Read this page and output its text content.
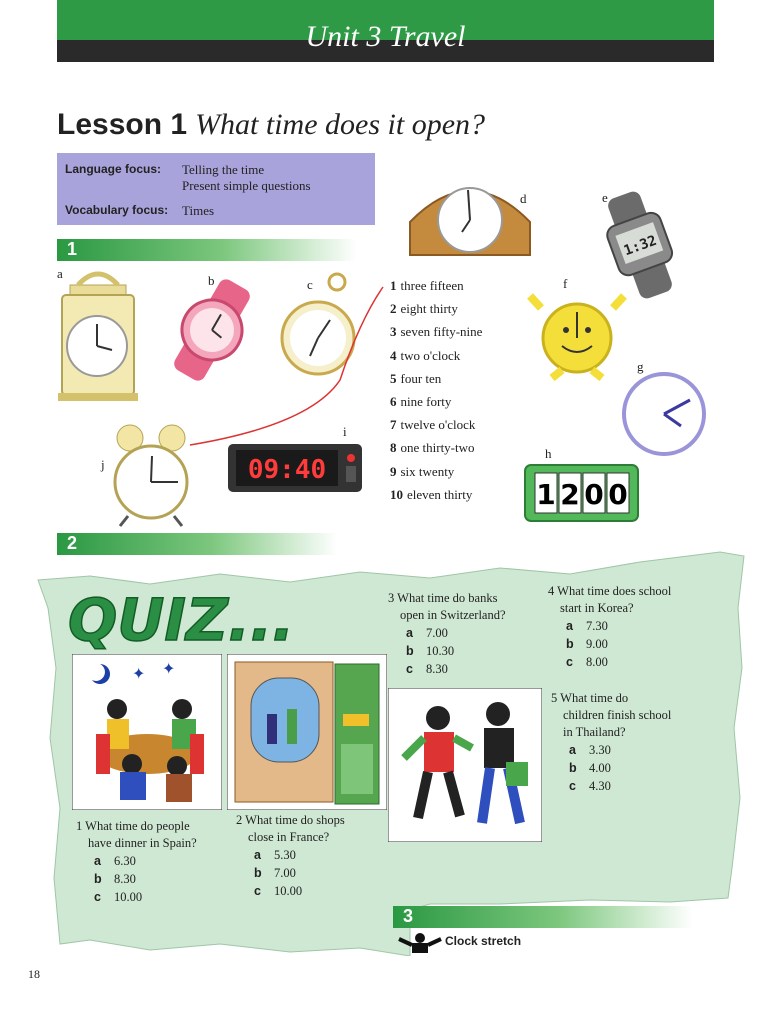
Unit 3 Travel
Lesson 1 What time does it open?
Language focus:	Telling the time
Present simple questions
Vocabulary focus:	Times
1
09:40
1:32
1 2 0 0
a	b	c
d	e
f
g
h
i
j
1 three fifteen
2 eight thirty
3 seven fifty-nine
4 two o'clock
5 four ten
6 nine forty
7 twelve o'clock
8 one thirty-two
9 six twenty
10 eleven thirty
2
QUIZ...
✦ ✦
1 What time do people
have dinner in Spain?
a 6.30
b 8.30
c 10.00
2 What time do shops
close in France?
a 5.30
b 7.00
c 10.00
3 What time do banks
open in Switzerland?
a 7.00
b 10.30
c 8.30
4 What time does school
start in Korea?
a 7.30
b 9.00
c 8.00
5 What time do
children finish school
in Thailand?
a 3.30
b 4.00
c 4.30
3
Clock stretch
18
